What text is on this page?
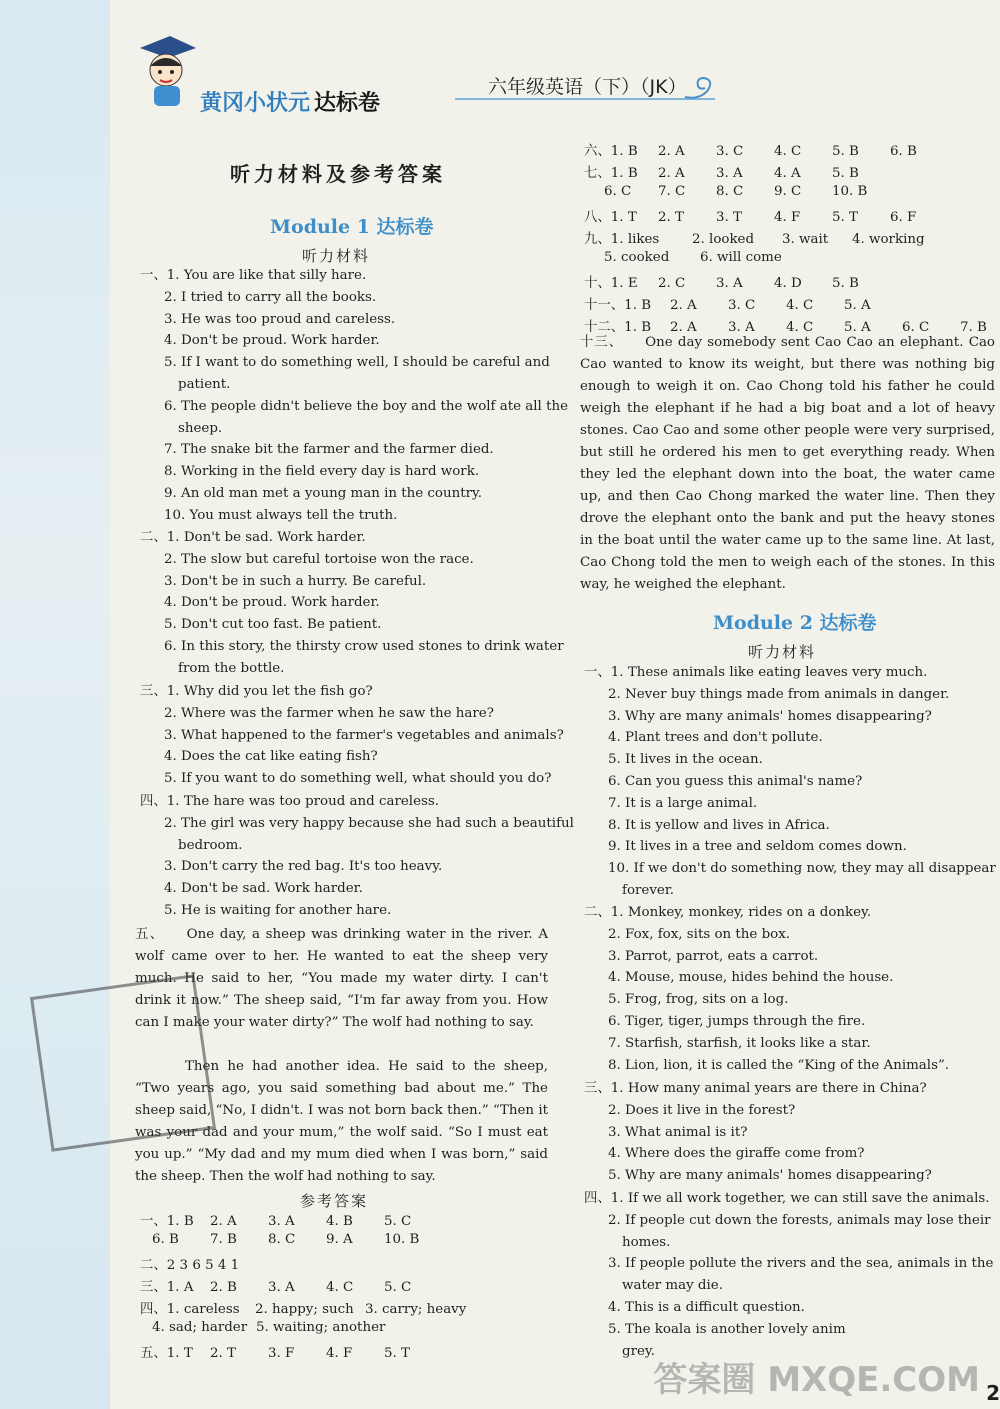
黄冈小状元 达标卷
六年级英语（下）（JK）
听力材料及参考答案
Module 1 达标卷
听力材料
五、 One day, a sheep was drinking water in the river. A wolf came over to her. He wanted to eat the sheep very much. He said to her, “You made my water dirty. I can't drink it now.” The sheep said, “I'm far away from you. How can I make your water dirty?” The wolf had nothing to say.
Then he had another idea. He said to the sheep, “Two years ago, you said something bad about me.” The sheep said, “No, I didn't. I was not born back then.” “Then it was your dad and your mum,” the wolf said. “So I must eat you up.” “My dad and my mum died when I was born,” said the sheep. Then the wolf had nothing to say.
参考答案
十三、 One day somebody sent Cao Cao an elephant. Cao Cao wanted to know its weight, but there was nothing big enough to weigh it on. Cao Chong told his father he could weigh the elephant if he had a big boat and a lot of heavy stones. Cao Cao and some other people were very surprised, but still he ordered his men to get everything ready. When they led the elephant down into the boat, the water came up, and then Cao Chong marked the water line. Then they drove the elephant onto the bank and put the heavy stones in the boat until the water came up to the same line. At last, Cao Chong told the men to weigh each of the stones. In this way, he weighed the elephant.
Module 2 达标卷
听力材料
答案圈 MXQE.COM 2
一、1. You are like that silly hare.
2. I tried to carry all the books.
3. He was too proud and careless.
4. Don't be proud. Work harder.
5. If I want to do something well, I should be careful and
patient.
6. The people didn't believe the boy and the wolf ate all the
sheep.
7. The snake bit the farmer and the farmer died.
8. Working in the field every day is hard work.
9. An old man met a young man in the country.
10. You must always tell the truth.
二、1. Don't be sad. Work harder.
2. The slow but careful tortoise won the race.
3. Don't be in such a hurry. Be careful.
4. Don't be proud. Work harder.
5. Don't cut too fast. Be patient.
6. In this story, the thirsty crow used stones to drink water
from the bottle.
三、1. Why did you let the fish go?
2. Where was the farmer when he saw the hare?
3. What happened to the farmer's vegetables and animals?
4. Does the cat like eating fish?
5. If you want to do something well, what should you do?
四、1. The hare was too proud and careless.
2. The girl was very happy because she had such a beautiful
bedroom.
3. Don't carry the red bag. It's too heavy.
4. Don't be sad. Work harder.
5. He is waiting for another hare.
一、1. These animals like eating leaves very much.
2. Never buy things made from animals in danger.
3. Why are many animals' homes disappearing?
4. Plant trees and don't pollute.
5. It lives in the ocean.
6. Can you guess this animal's name?
7. It is a large animal.
8. It is yellow and lives in Africa.
9. It lives in a tree and seldom comes down.
10. If we don't do something now, they may all disappear
forever.
二、1. Monkey, monkey, rides on a donkey.
2. Fox, fox, sits on the box.
3. Parrot, parrot, eats a carrot.
4. Mouse, mouse, hides behind the house.
5. Frog, frog, sits on a log.
6. Tiger, tiger, jumps through the fire.
7. Starfish, starfish, it looks like a star.
8. Lion, lion, it is called the “King of the Animals”.
三、1. How many animal years are there in China?
2. Does it live in the forest?
3. What animal is it?
4. Where does the giraffe come from?
5. Why are many animals' homes disappearing?
四、1. If we all work together, we can still save the animals.
2. If people cut down the forests, animals may lose their
homes.
3. If people pollute the rivers and the sea, animals in the
water may die.
4. This is a difficult question.
5. The koala is another lovely anim
grey.
一、1. B 2. A 3. A 4. B 5. C
6. B 7. B 8. C 9. A 10. B
二、2 3 6 5 4 1
三、1. A 2. B 3. A 4. C 5. C
四、1. careless 2. happy; such 3. carry; heavy
4. sad; harder 5. waiting; another
五、1. T 2. T 3. F 4. F 5. T
六、1. B 2. A 3. C 4. C 5. B 6. B
七、1. B 2. A 3. A 4. A 5. B
6. C 7. C 8. C 9. C 10. B
八、1. T 2. T 3. T 4. F 5. T 6. F
九、1. likes 2. looked 3. wait 4. working
5. cooked 6. will come
十、1. E 2. C 3. A 4. D 5. B
十一、1. B 2. A 3. C 4. C 5. A
十二、1. B 2. A 3. A 4. C 5. A 6. C 7. B
